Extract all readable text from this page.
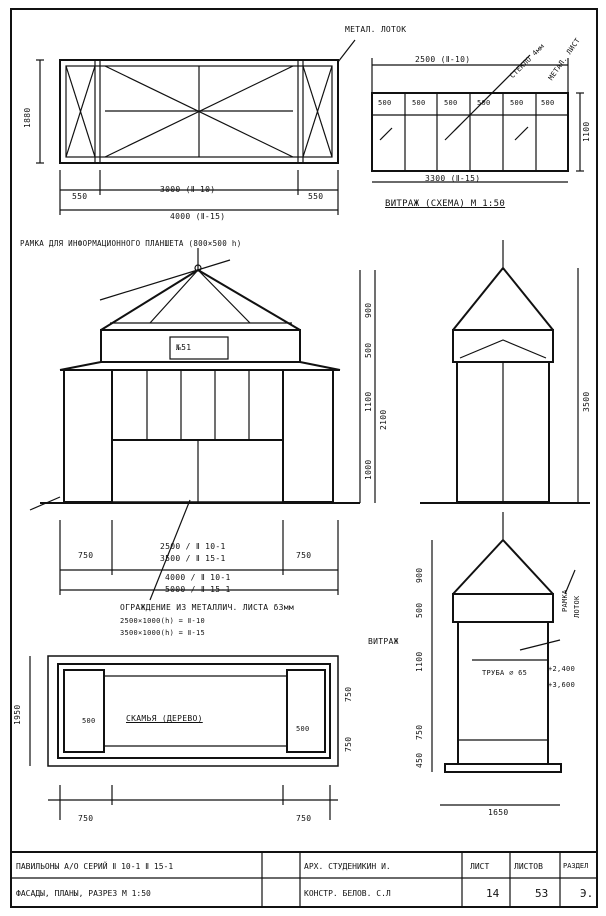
МЕТАЛ. ЛОТОК
1880
550
3000 (Ⅱ-10)
550
4000 (Ⅱ-15)
2500 (Ⅱ-10)	СТЕКЛО 4мм МЕТАЛ. ЛИСТ
500	500	500	500	500 500
1100
3300 (Ⅱ-15)
ВИТРАЖ (СХЕМА) М 1:50
РАМКА ДЛЯ ИНФОРМАЦИОННОГО ПЛАНШЕТА (800×500 h)
№51
900
500
1100
2100
1000
3500
750	750
2500 / Ⅱ 10-1
3500 / Ⅱ 15-1
4000 / Ⅱ 10-1
5000 / Ⅱ 15-1
ОГРАЖДЕНИЕ ИЗ МЕТАЛЛИЧ. ЛИСТА δ3мм
2500×1000(h) = Ⅱ-10
3500×1000(h) = Ⅱ-15
1950	СКАМЬЯ (ДЕРЕВО)
500
500
750
750
750	750
900
500
1100
750
450
ВИТРАЖ
РАМКА ЛОТОК
ТРУБА ⌀ 65	+2,400
+3,600
1650
ПАВИЛЬОНЫ А/О СЕРИЙ Ⅱ 10-1 Ⅱ 15-1
ФАСАДЫ, ПЛАНЫ, РАЗРЕЗ М 1:50
АРХ. СТУДЕНИКИН И.
КОНСТР. БЕЛОВ. С.Л
ЛИСТ	ЛИСТОВ	РАЗДЕЛ
14	53	Э.
